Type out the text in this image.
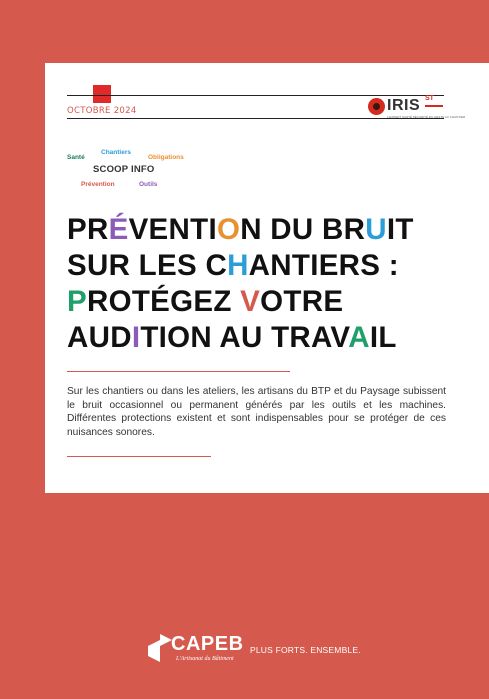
OCTOBRE 2024	IRIS ST
L'EXPERT SANTÉ SÉCURITÉ DU GESTE AU CHANTIER
Santé
Chantiers
Obligations
SCOOP INFO
Prévention	Outils
PRÉVENTION DU BRUIT
SUR LES CHANTIERS :
PROTÉGEZ VOTRE
AUDITION AU TRAVAIL
Sur les chantiers ou dans les ateliers, les artisans du BTP et du Paysage subissent le bruit occasionnel ou permanent générés par les outils et les machines. Différentes protections existent et sont indispensables pour se protéger de ces nuisances sonores.
CAPEB
L'Artisanat du Bâtiment
PLUS FORTS. ENSEMBLE.
